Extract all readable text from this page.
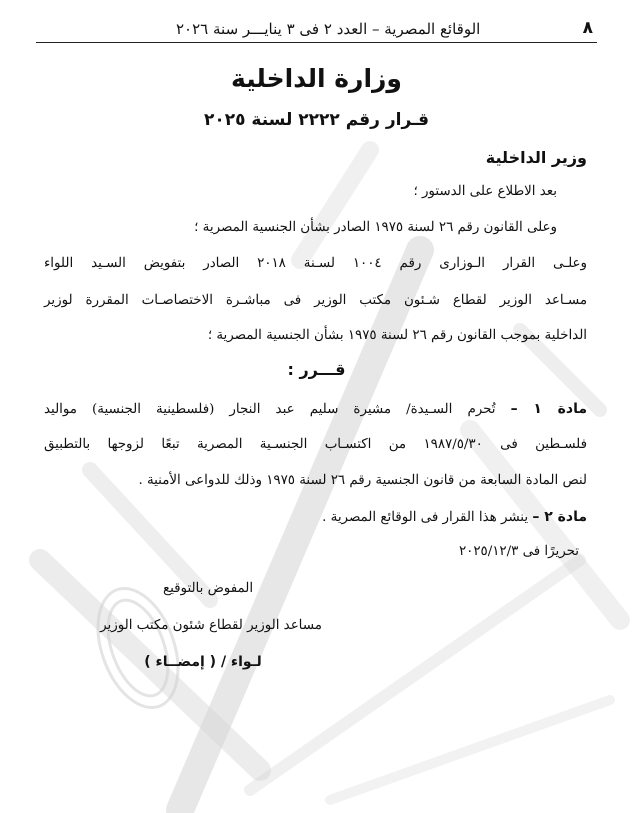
٨
الوقائع المصرية – العدد ٢ فى ٣ ينايـــر سنة ٢٠٢٦
وزارة الداخلية
قـرار رقم ٢٢٢٢ لسنة ٢٠٢٥
وزير الداخلية
بعد الاطلاع على الدستور ؛
وعلى القانون رقم ٢٦ لسنة ١٩٧٥ الصادر بشأن الجنسية المصرية ؛
وعلـى القرار الـوزارى رقم ١٠٠٤ لسـنة ٢٠١٨ الصادر بتفويض السـيد اللواء
مسـاعد الوزير لقطاع شـئون مكتب الوزير فى مباشـرة الاختصاصـات المقررة لوزير
الداخلية بموجب القانون رقم ٢٦ لسنة ١٩٧٥ بشأن الجنسية المصرية ؛
قـــرر :
مادة ١ – تُحرم السـيدة/ مشيرة سليم عبد النجار (فلسطينية الجنسية) مواليد
فلسـطين فى ١٩٨٧/٥/٣٠ من اكتسـاب الجنسـية المصرية تبعًا لزوجها بالتطبيق
لنص المادة السابعة من قانون الجنسية رقم ٢٦ لسنة ١٩٧٥ وذلك للدواعى الأمنية .
مادة ٢ – ينشر هذا القرار فى الوقائع المصرية .
تحريرًا فى ٢٠٢٥/١٢/٣
المفوض بالتوقيع
مساعد الوزير لقطاع شئون مكتب الوزير
لـواء / ( إمضــاء )
